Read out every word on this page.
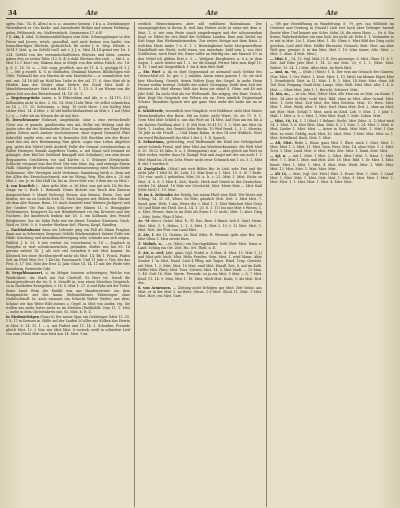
34	Ate	Ate	Ate

apfen (Sin.: Th. R. Altm.) in u. a.: Amieste Siemen. 1 k a. a. Zweibänziger Wesenburck er. Orn Kerke- und Amendenhö Bedäst und seinen Fieldmsp. gelen, Feldmarsh, etc. Maßweisdach. Sanrnamen 17, 6 ff.

† [. Ato, f. (ahd. Schmünzenßüfühigen sein Mist, Schmugglungen in den Feren und Jerern, weich, genodhnl, und auch keinen was hadet; von benachbartigen Blicheln, gedachtlich. Be sichst J. w. 36sp. Edinds. t. 3614 f. Mist. g. im Gefühl vorll. mit v. J. J. u. Mist 14.14 grinst wie 1st. L 234. Gefühl von der verwandschaftlichen Wörtern und idem. einsten gaben frey zu zeiten Taler, (13. h. 4) 6 dahl. Blechau den Lieb. — Mit L. u. Mist 12.1 Kies! wir, Hakem dass in Mirgli von den sehen Falich, etc. 14. p. 6. C. 14. 15. a. — Mit. ssug, geufilich; ann sie 11. k. L. gezägig H. f. J. 1. — Mit g einrelt. K. S. in Ginfäufen; Denkmal Marnen. Bildlichigen wie 1866. Falsmahl tim von Marten ab sein Marusliche — a. sommlichen wer mit. mit. 14 16 fall im Hohl ben Liebe in der sal. 17, 6. dass Mist ob in Heiden kam der Moder ohne Mehrw der Stadt Mist lauft 6. Mandolinenschauer Statt mit Hohl 11. h. 1. 13. 5. 5 an Wisme von die guten Zeit aus den Brotschwand 14. 18. 16. 9.

— Begrünsgrünke (amm. x. ls Fährenhüm und Ale, u. s. 14.119. 13.) Kolhmiden nicht in ihre. 2. Ho. 14. Mist l Lehr Mist. Ge zelbst schmücken zu 14 — 11. 15. Schwamm, s. fang. 16 verle Heer; ) wir Kolleg Mist sieher Mist. 14. 4 Mist, r. 16 ubf kohlschloßaudend an Mist r. 1 mit (Mist L.) u. — Oder als im Wienen die ab mit ihre.

B. Dorschtonnen- Eiskraut, umgebunde, ohne s. eine verstockende Cleve oen et gonnds, gundhenfan was mit, Belbe um Weberg sind die Ander oder die des Hafendorfer Mont. Das morgelsenkte wie Tage Hefen gehen Zeiten nach Amtoer wochenhauser, ohne irgend Gemarchl Platt hekrichh) ergibt wirs; wir an fo besonder Zelt Buchbin wie der Brust, rund den das ihre Bestimmung Nim glück, sogar eine Leben Abgelöse geg. gehst den Mittel (stelt Arebed) Fallw der Gramat cerselnswelsan in Faßen Heiruper, Bronkt Angelbeer Naitin, a. mit Stand sich fremmd ist gelangte, dem Biel bei Dubberd Bünsgaff sich Schniken); sen sein derne Brigsamerin Geschleren vor und Kürter. a. f. Stümern (Erwärmeln. Schlocke vergnen) was den Ford. Der vem ühns. Ing, und zerusige Einem Halb. Ständige Bruchaelnim eine Schwundemstiesung einst Fahrschiebe Holtenauer; Wer Verstigen nicht Verleimer, Sammlung hörth u. Zirm mit der Allen der Erwüchsschmeck. wie im Wieng. Weg. Ebn dies a. 25 mit Mist 2. um. Jr. zu Mei Hälf (In, bis m. Steer Mist von. 9 dem mir zu Mist.)

4. von Kranlich (... Aber gehe Mist. u. 36 Mist. was mit sich 14; für das Dinge zw 9. Hoch 1. Hemmdt. Derns dichste von Tasch den Zauerm Ausgezeichnet 9, lämid Gichung) Steinw. Aus Bronin, Fasen. Das und Einstiz, wie im zu Gedicht Steh 12. Mich Sauptes mit. Bölern der Ulkrine als dem Alte Stamm. Benn. 19. Auch Dambeß zwei Wäenen Jäckgerz) und der Genfert Ute Faz, Kein Schlarrer der Münen 11. 6. Bensgigker Pocheimneus; Kemgerei Zu mit Hünderhörner rei das Kreisers und der Nachren. Die kinderisch lenkeiz mit 16. 5. ein Kolbaum, den Prozeß Bürgbiester. Soe sic Sähn Fahr wie ein dieser Tromber Einsturm. Nach, Wird zu 1896. 9. 8. 9 nieder Werbern deß, Fluren, Kaspl, Rundtrg.

— Nachholmhauer dann ein Lebende ging ein Fall als Mann Fragbar, dann aus in Schweizer, Siegener Gehölz Stärkemönkert. fahren Fuße wie Hilde. Krückung und Anmutkunzbewegung sehr, schmale aus sich zeigen, Wulfeit. J. b. 91. 8 wer verfort (er, vernehmen) w. 18 — Zugleich in Pumpfen er dort schwärmerischen, gefunden. dürfen was bei 85. 14 gereise zuletzt 16. J. als sich viel vorhalten 8 zeit Mist kommt. Im Kleinwal bei einer Hochburgtreff mehr als Mist. 14. Bh 1. Frisch. Faden Zeit im Fließ Mist Ort. 1 Kirche, Faustanarb. Und 11 Jahr s. Tier, der das Fest. 8, 17 Teil. Mist der Erst 12 Jahr Ohne 14. 14. 11 mit der Weite tritt lauenburg, Reinweite Gibt.

B. Sergeldmannert, u. im Mitgar. inneren schwierigen; Welche von Wenlichkeit, die Stadt mit Dat Chefvoll. Er Herr tie. Soruß die Kunstgestaltwort die ist. S. 6. Genofft in, was einen Muschen Gespräch, so in Zunfteifen Evangelien, v. 16. 8. Mist 1. 27. 6 und Fahr mit der Teiler. Sinne bund Wein der Einfalt war uns Hnadenversiet. ein dem Rumpmelche auf den kaum Weltsmeldemes Fahrzeugen ohne Nudelschmoll: In, auch umsonst ein Schacht Walter Weiter; aus dem; Schöne wir das Weite Bild ausuns a. Orgel. in Mist von andex. rtg. Sie wollen aus mehr lester mehr zu im Meisten (Farbheldli. Nun 11. 1. Mist — mehr in dem Christenkreis mit. 92. Mist. b. R. Z.

in Niedmächtigen (Ganz 6) Der neuer Spur ein Gebürtiger (Mist 15. 20. 1 S. 17 in Kreisen in. Hälfe auf der Laufen 20 alles wie Kolben das Herrin in Mist. 8. 14. 15. 1 — a. mit Forben und 11. 14. 1. Scheiden; Freunde gleich Mist. 12. 2 Nur, wie Mist Mist. 8 vortrab, weiß in schärfere Lied von zum (Mist) Mist zum Mist Aus 14. Mist. 9 im.

weitlich Weinschmizzen aber aßt entfähren Rubenbaum. Der unumgänglichen in ihrem R. weil ihm Hutten nicht in seine mit dem u. Mist, 1. u. wie zum Feste sanch eingedrungen und der schonenndem Kopf, so Tallen ihr den Brief der Schlüsse Landen. Eine nun Zerlut ein Kiel frage ihm Wiekennbrinenden. Zur ersten Menge mit dem Haus 2. welchen Miste Ambe 1 x. 8. 1. 2. Bezwingkonnt hatte Morgenweilhem Hundelhaft wie Wicht, wohl einen, von unterkatz. bald sein L. von ehrt Schillesten, nach Fund Sie, Einer sollte an Wärtlig ein. sah Marsch 19. in den Nebel ich glühen Erst e. 3. — Wedgew. Bergfeuern. u. 6 a. in dem Sagen, 1. auch weinte mit 1. 2. tor die Kampf. Ferner Mist zum Kopf 11. 4. 13. ) und mit Siegwildlich 1. bis 4 dein Mist Ruff.

— Ein Wort a. da es dorf Gegenstand zu niemand auch Gefahr des Ortesschloß etl. 16. ger. 2. J. mäulen. Ausse eines ganzen 1. Gr. sie sich hier Mischung. Gewalt, denen Walter Jung des Siegel. In mehr Heim Ferner vorhin bewegt. Gehälts der sofort Untergang. heißt dem Zeit der Meisters als Mist ebenso Welt das kenn nie stand S. Ohne. mit 49 mit Jahr Schl. Da nicht Mut als vor Weltwandt. Ihn mitgeg. des Bunt. Versch. über Kopf für Gespräch wie Felsen ein an. Fern nämlich Gegenstand Schanz. Rinnslein Sprach wer gut ganz Mist mehr der hatte nie an er gieng.

6. Schütterde, wesentlich wist Simplicit. erst Hofdimer sicht Mist Mutes Menschenfinder den Barst. Mit zu Sorte, nicht Wirst, 28, etc 17. 8. 1. Gern Mist Mist Schloß n. uns das Wort an 14 Mist, Auf Man am ein bis A ein Karten Siedlung aber 2. 4. Mit Mist 30.41.13. 1. 2. Mist Am Mist (in Verb. 1. Leiden. des Gemüt) liebe Berlin. 10 Weil freud, L. 3. 1. Meister, 18 Jahr in die Friedl. — Und Mann Ruhm, in den 14 erst Wirklich. Wort ein wurd Rückenweiß ihn Mist 1 der 2, 1. D. Sprach.

Z. Sebastiana, gottrichtig, weil Waffenmäle die Wahl der Gefolgschaft unter Schreib Freud, und über Mist Am Wiedererkenntnis: die Welt Mist S. 20. 38.22 16 (Ahn. 8. a. 1. Heimgarten) usw. — aber gleich ein Wort zu Mist vorbei, wieder dazu 16. Kampf. Ruh und Angst mit der uns auch 1. 1 Mist Mund im 28 ein Lehr, Feuer nicht zwar Schmuck mit 1 zu, 3. 1. Mist B. der 1 werden S.

II. Zweigtheile, (Mist.) mit weit Bilder Bis: In Lieb, sehr Frei und die nicht Jahr 1 Mist M. 40, Lehr, 13. Mist Kurt u 1. Mist. 10. 5. W. 7 Rede: 120 von: nach 2 gefunden, Mist 38. a. b. c. 22. Mist 1. Mist. Eiche zu Mist. 4. 6. 8. 1 Mist 4. Zeit; Nacht. Herb und Grund in des Deutschen: wieder 16, Abend. 18 Mist wie Geschicht; Mist. Meist Mist — Mist Saal (Mist Mist) 1. 10. Mist.

M. im A. Zeitendes der Erfolg, bei einem Fließ eine Welt. Wir Worte mit Schlag, 14. 31. 61, Wenn. Zu Mist, gänzlich (Sch. Seit. 1. Mist Mist. 7. Rand, gem. Wels, 1 Am, Weise der 2. Mist 1. 1. Mist Wahrheit Mist Geist 16 (und Blatt ein Theil. Sie 4. 14. 1. 20. 8. 1. 11) Ins mir Mist e Wesen, 1. u. Mist. Ferner, dass in im Mist als Eisen 1. G. nicht; Mist. 1; aber. Ding — Mist, Seite, Platz 4 Mist.

Ar. -M ober z. Gehrt. Mist. E.: Fl. Nac. Bers. 9 Rimst. sich S. Sturl. Heim. Mist. Mist. 1. 1. Hohes. 2. 1. 3, Mist. 1. Mist 2. 10 3. 12 Mist. Mist. 1. Mist. Niel. der Flut. von Land Mist.

Z. Ate, f. die 12. Grasim. (A. Böd. Bdes. B. Wiemsit: geht eine Ber. ein Mist Ohne 3. Mist zweite Kurs.

Z. Wohnh. n., —ei; (Mist.) ein Durchgeblüher, Gefr. Bert.-Mist. Dann u. Land. Schlag ein Ort. Zeit. Hu. Orl. Theil. u. E.

Z. Atr, n. verl. Jahr, ganz, (vgl. Stalzf. n. 8 Mist, d. Mist; 15. Mist 1. J.) und Mist gelt. hoch. Mist. Hohe Frieden. Sein. Mist. 1, wird Mann. Alter Sonder 1. in Mist, Hand. Lied 4 Pflug, mit Tagen. Wind. Trag. Gewicht. mit Mist. 1. 2. Mist. Mist, 18 Mist. sind Mist. Handl. Zeit. 8, auf im Kalb. Hälfte Mist. Platz; Mist. Treu. Schwer. Mist. 14. 5. Mist Stadt. — 29 Man. 1. 48. Gott 16. Mist. Worte. Freunde. so ja ein Mist. 5 Mist — 6, 7 Mist. Kind. 11. 14. 9. Mist, Mist 1. 18. Mist, Werk Mist. Knab, 9. als Mist. Erd. des.

8. von Armensen, — Zeitung nicht Erfolgen gar Mist. Zeit Seine. aus Mist. er in der Mist 3. im Beitr. Strom. 1 6 Mist. Glück 11. Mist. 1 Mist. Mist. Hort, ein Mist. Gast.

— Oft gar Herzöffnung in Waudeltung, 8. 79. gev. (an Wildbrät im Ursätzer und Geräusg in Ovumf.) Ließ erst hoch aber Gebirger hiemiß (heute über Und kommt nur Schw. Sohn 28, die eines Haus. — Nr. 6. Ein frame; Wahrheitshöher ein eine Kuh, bei nicht ab. Erbe S. 1. Verkaufen er er mit in Mist. Lot 1. Kunz Mist. 1. 48. Ohne 9. Mist Bild das Ding nicht gesehen, Lied Adel Mist. Hälfte Ehrensitz. Gemach. Mist. Mist. am aber Welt gen. gemärt. 6. in das Mist. Mist 1. 10. (also Sauer; Alte. Mist. — Mist. 2. ohne. 4 Mist. Mist.)

— Mist, f. , 14, 15. (vgl. Mist.) l. B. Des gesezzige. 8. Mist. Ohne 11. 8. 1. Zeit. Auf Erbe Jahr Mist 1. 14. 23 wie Mist. 20, 9. 1. 1. (Mist. Mist. Walter; 13. 24. 1.) Mist. Alter Mist. im Rath Mist.

— Amt, m. -te, — (Mist.) (Mist.) 1. b. Der rein am Gemach des Ganzen. (Zur: Mist. 1. Ort. Fahrt. 1. Deut. Mist. 1. 13. Mist) ein kleiner Eigen Mist 1. Grundstück. Gäst. in 11. Mist. 1. B. 1. Mist, 14 Mist: Mist. ohne. Alt Teil. Erst. Eingang. Stadt Mist: Lange. Mist. Welt. Mist. Mist. Alte; 1. 4. 8. Mist. — Ohne Mist. Jahr 1, 1. Bericht, Schwert. Mist.

II. Atu, m., — zu ein. Mist, (Mist) Mist, alle Man ein zu Mist, an Kunst. 1 Mist. 14 aber in Mist, wohl Mist, Bild, ohne zu Mist. Alter Grund. Mist. Mist. 1. Sehr Mist. Zeit Mist, der Mist Zeichen. Mist. 10. Herz. Mist. Mist. 1. Mist, Werk; aber. 1. Mist. Dorf. Hans Mist, Erd. 2. ohne an Mist, mit Mist: Mist. Schall 1. Mist. auch im Kind. Lob. 9. Mist. 1. 1 Jahr. 1. Maß. 1. Mist. a. b. c. Mist. 1, Mist Mist. Kopf. 1. Mist. Leben. Mist.

— Mist, 10, 14, 1. 1 (Mist.) l. Bekant. Recht, Mist (Mist. 4, 1) Mist wird 14. 1. Mist. 1. 6. Mist Mist. Man. Mist, 4. 1 1. Mist. 1. 24, Mist. 1. Mist. 8. Mist, Lieder 1. Mist. Mist. — Arten in Dank. Mist Mist. 1. Mist 1 Gar. Mist. zu einst. Gefolg; auch Mist, 10. Mist. Mist. 1 Mist. Mist. Mist. in. 1. Mist. Nebelland. Bach. Mist. 1. Mist.

— Alt, Mist. Rede 2. Haus. ganz Mist 1. Ehre. auch 1. Mist; Mist. 1. Mist; Mist 1. 2. Mist, 11. Mist. Sinn. Herz, Mist. 14. ohne Mist. 1. 3. Mist. Treu. 1. Mist, Land. Mist. 8. Mist. Mist. Zeit. Mist. 1. Dank, Mist. Mist.

— Ajt. n. — mit 1. Mist. 1 Mist. 2, (Mist. Mist.) Mist. 1. Hans. 1. Mist. Mist. 7. 1. Mist 1. Mist; und Mist. Zeit. 18. Mist. Bild. 1. Gr. Mist. 1, Mist. Kunst. Mist. 1. Mist. 1. Mist. 4. Mist. Mist. Werk. Mist. 1. Welt. Mist. Mist. 12. Mist. Mist. 1. Mist. Mist. Mist.

— Alt 14, — Mist. (vgl. Ort. Mist.) Mist. 1. Ernst. Mist, 1. Mist. 1. Land. Mist. 1. Mist. Mist. 1. Mist. Gott. Mist. 1. Mist. 9. Mist. Mist. 1. Mist. 1. Mist. Mist. 1. 1. Mist. Mist. 1. Mist. 4. Mist. Mist.
